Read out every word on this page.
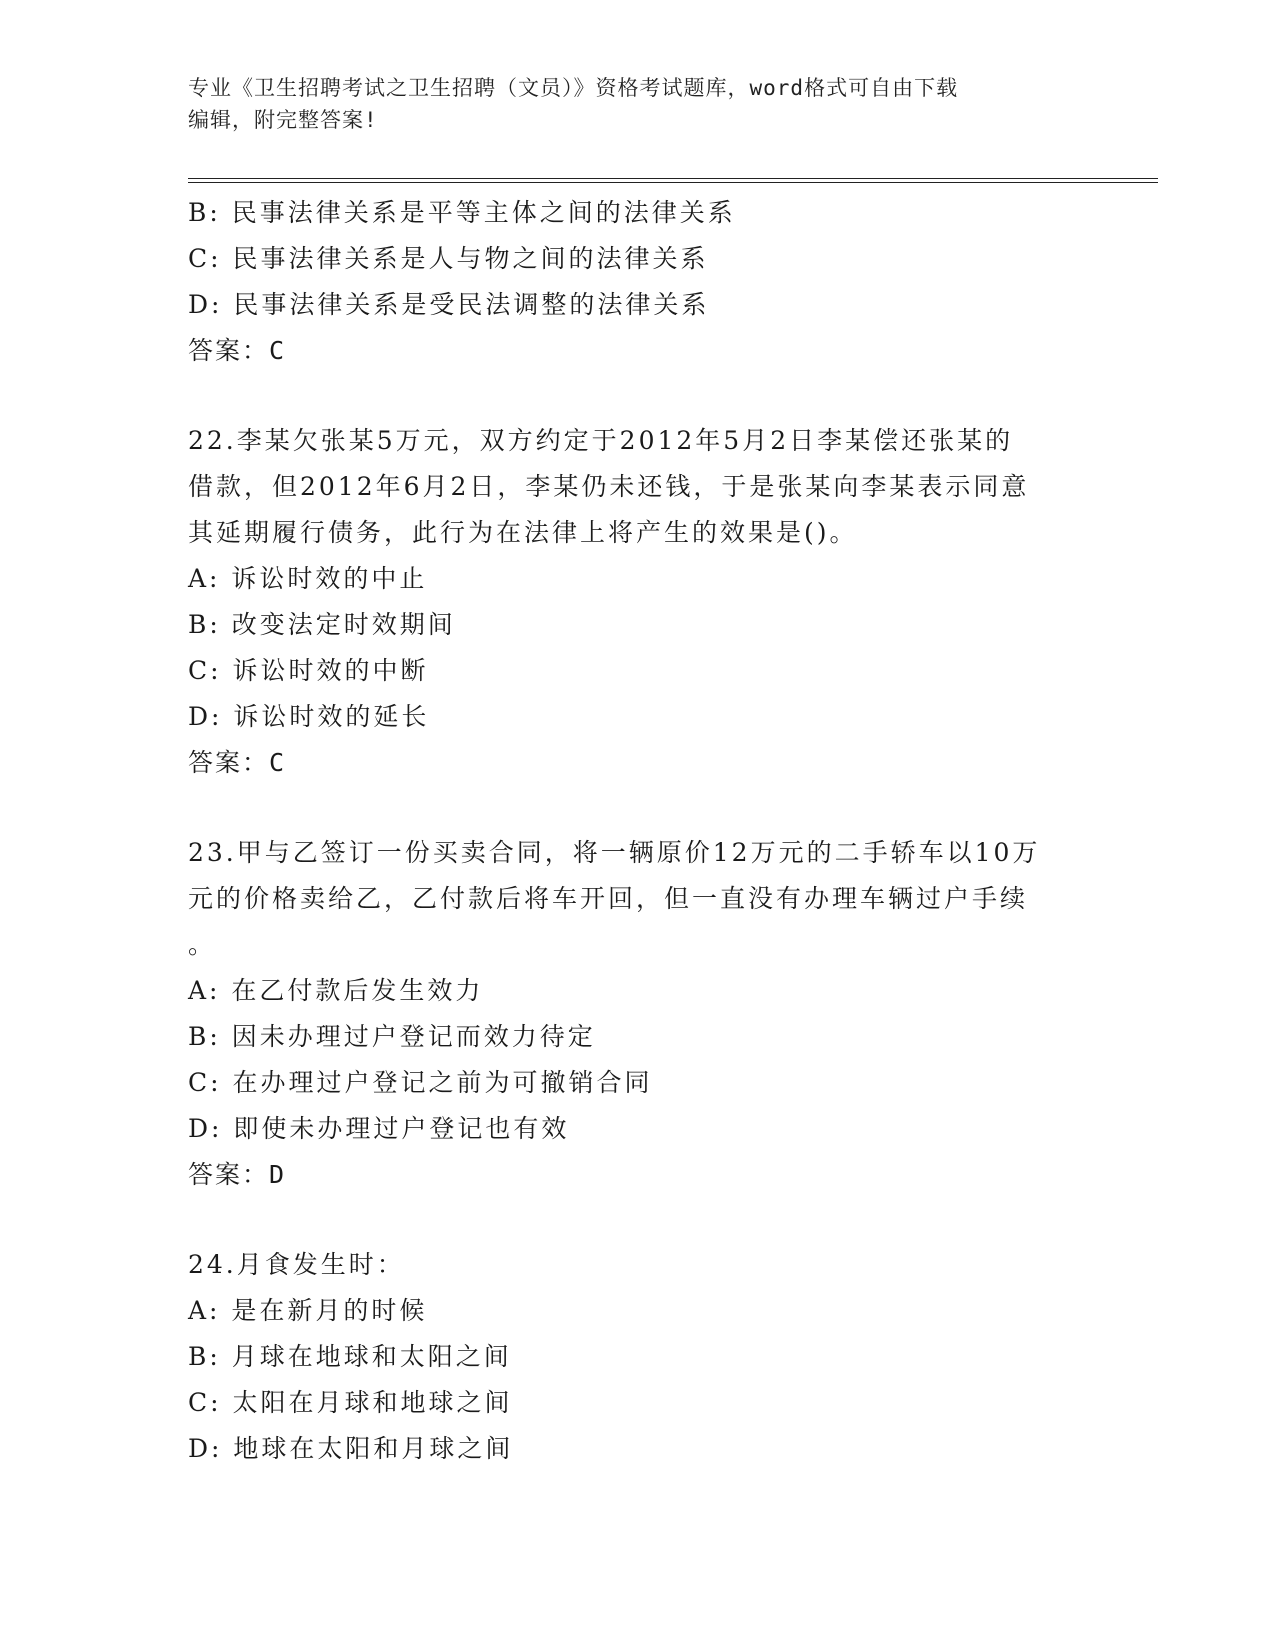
专业《卫生招聘考试之卫生招聘（文员）》资格考试题库，word格式可自由下载
编辑，附完整答案!
B: 民事法律关系是平等主体之间的法律关系
C: 民事法律关系是人与物之间的法律关系
D: 民事法律关系是受民法调整的法律关系
答案：C
22.李某欠张某5万元，双方约定于2012年5月2日李某偿还张某的
借款，但2012年6月2日，李某仍未还钱，于是张某向李某表示同意
其延期履行债务，此行为在法律上将产生的效果是()。
A: 诉讼时效的中止
B: 改变法定时效期间
C: 诉讼时效的中断
D: 诉讼时效的延长
答案：C
23.甲与乙签订一份买卖合同，将一辆原价12万元的二手轿车以10万
元的价格卖给乙，乙付款后将车开回，但一直没有办理车辆过户手续
。
A: 在乙付款后发生效力
B: 因未办理过户登记而效力待定
C: 在办理过户登记之前为可撤销合同
D: 即使未办理过户登记也有效
答案：D
24.月食发生时：
A: 是在新月的时候
B: 月球在地球和太阳之间
C: 太阳在月球和地球之间
D: 地球在太阳和月球之间
